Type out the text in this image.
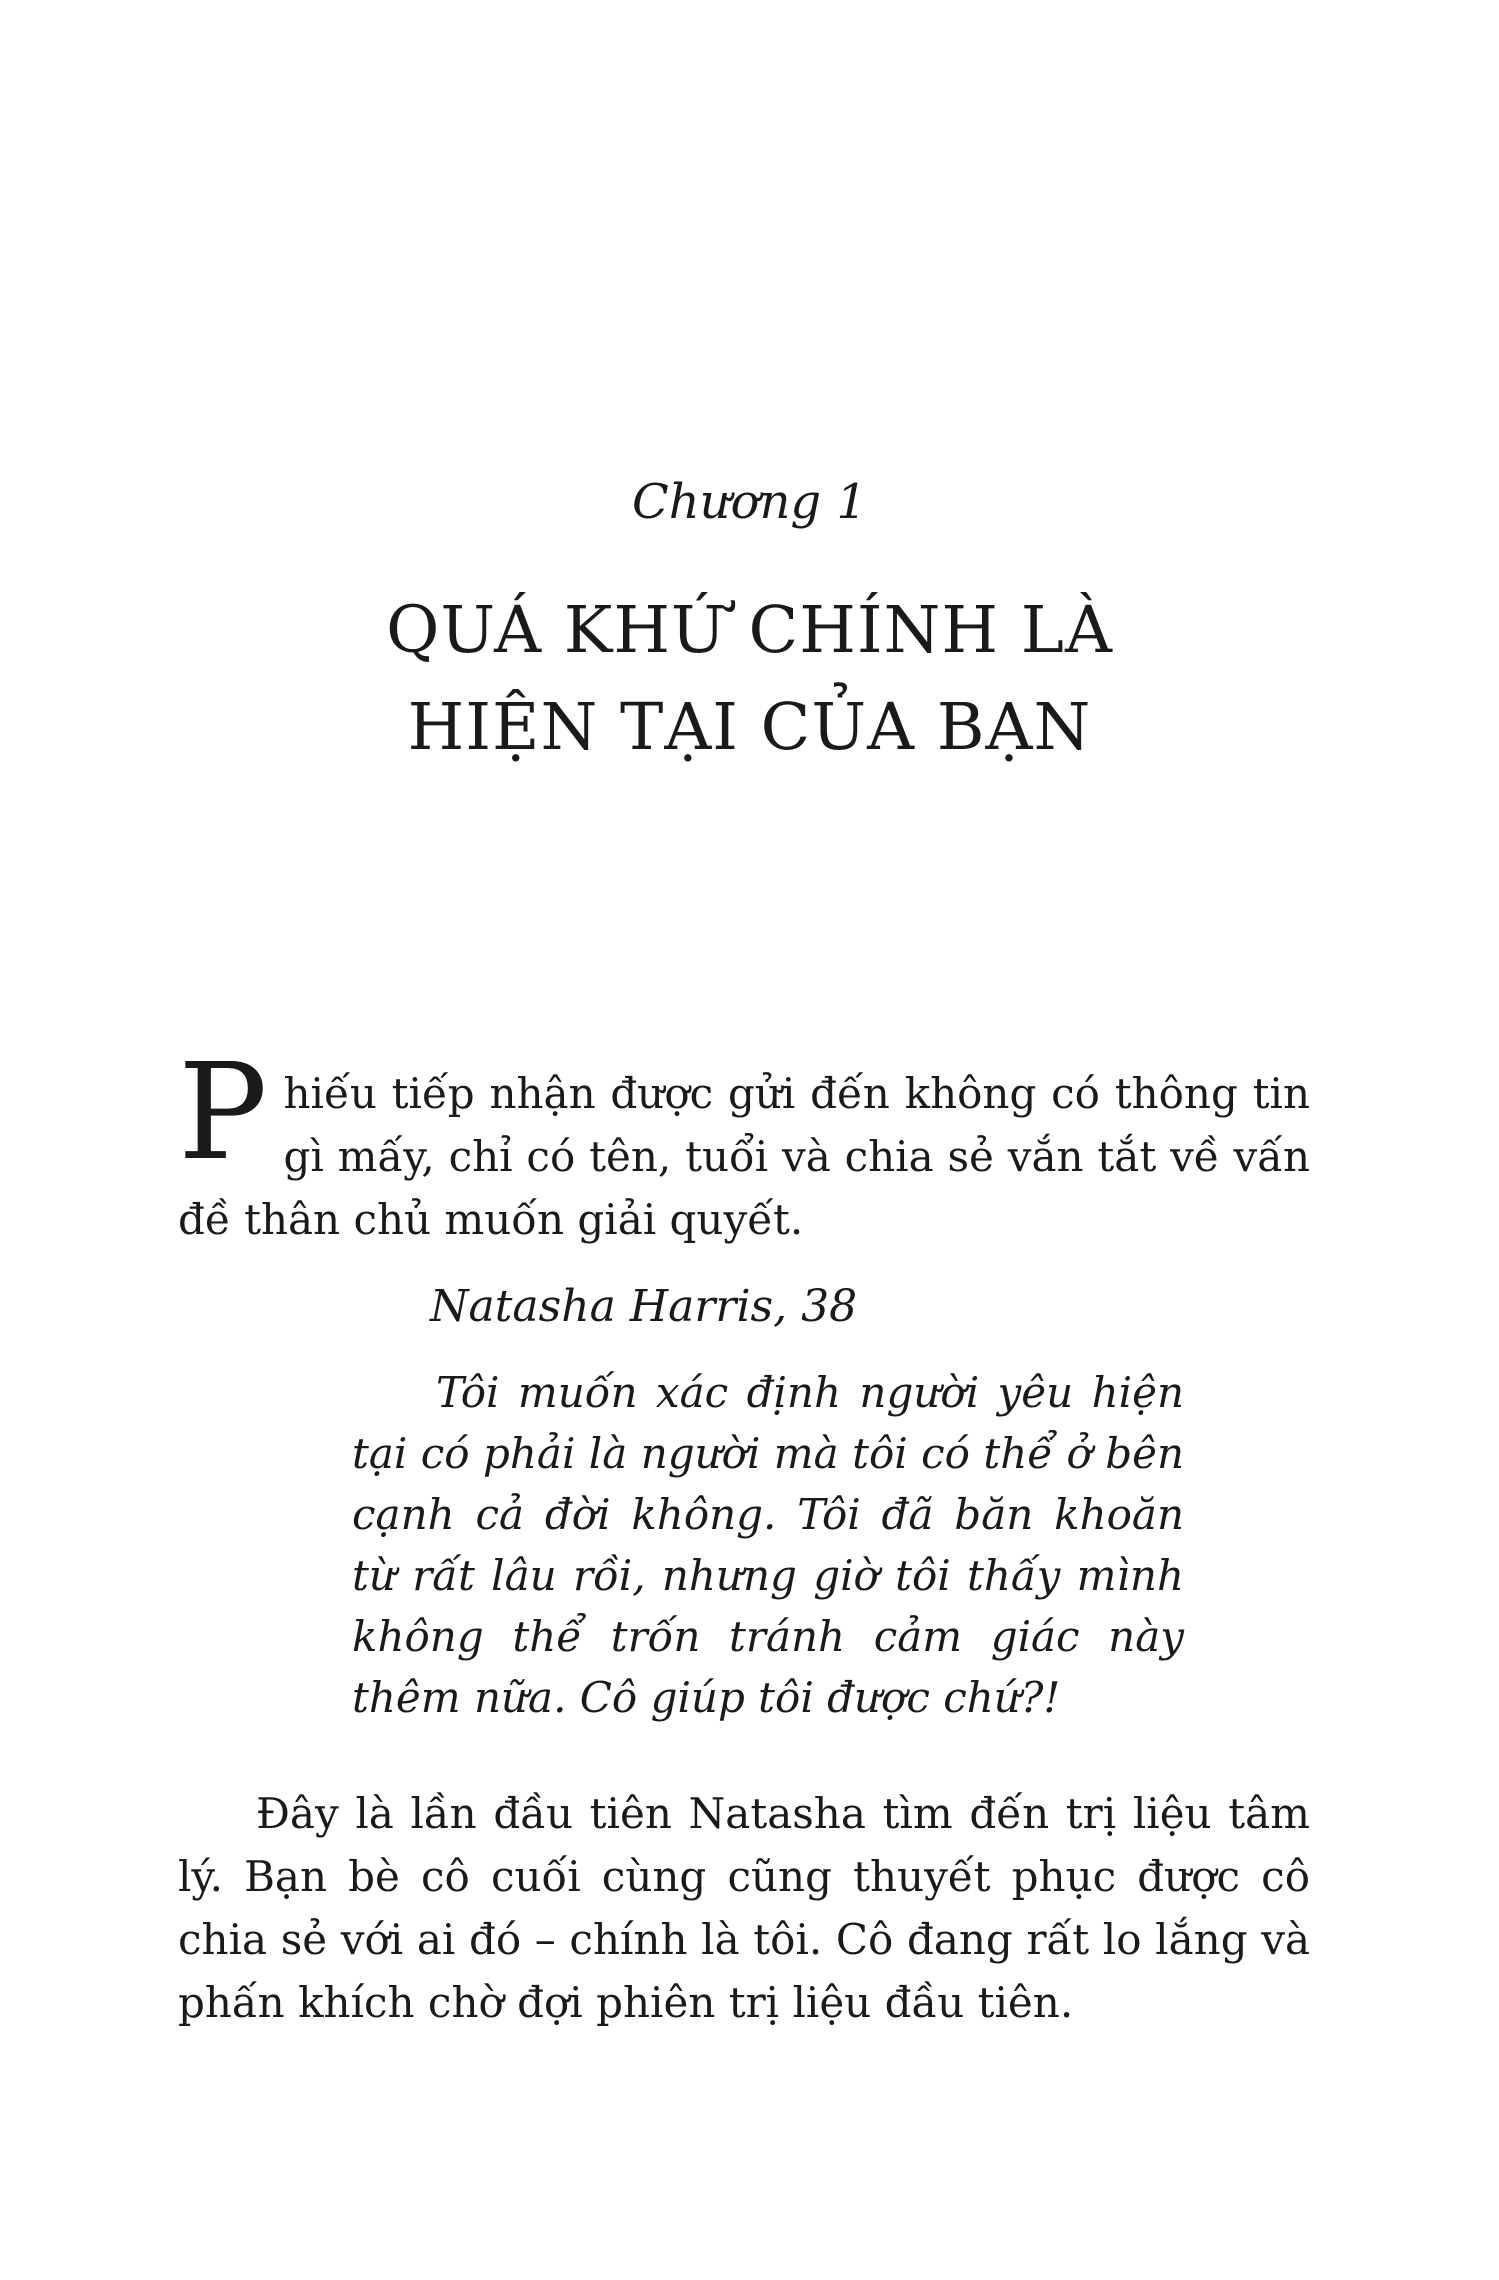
Chương 1
QUÁ KHỨ CHÍNH LÀ
HIỆN TẠI CỦA BẠN

Phiếu tiếp nhận được gửi đến không có thông tin gì mấy, chỉ có tên, tuổi và chia sẻ vắn tắt về vấn đề thân chủ muốn giải quyết.

Natasha Harris, 38

Tôi muốn xác định người yêu hiện tại có phải là người mà tôi có thể ở bên cạnh cả đời không. Tôi đã băn khoăn từ rất lâu rồi, nhưng giờ tôi thấy mình không thể trốn tránh cảm giác này thêm nữa. Cô giúp tôi được chứ?!

Đây là lần đầu tiên Natasha tìm đến trị liệu tâm lý. Bạn bè cô cuối cùng cũng thuyết phục được cô chia sẻ với ai đó – chính là tôi. Cô đang rất lo lắng và phấn khích chờ đợi phiên trị liệu đầu tiên.
